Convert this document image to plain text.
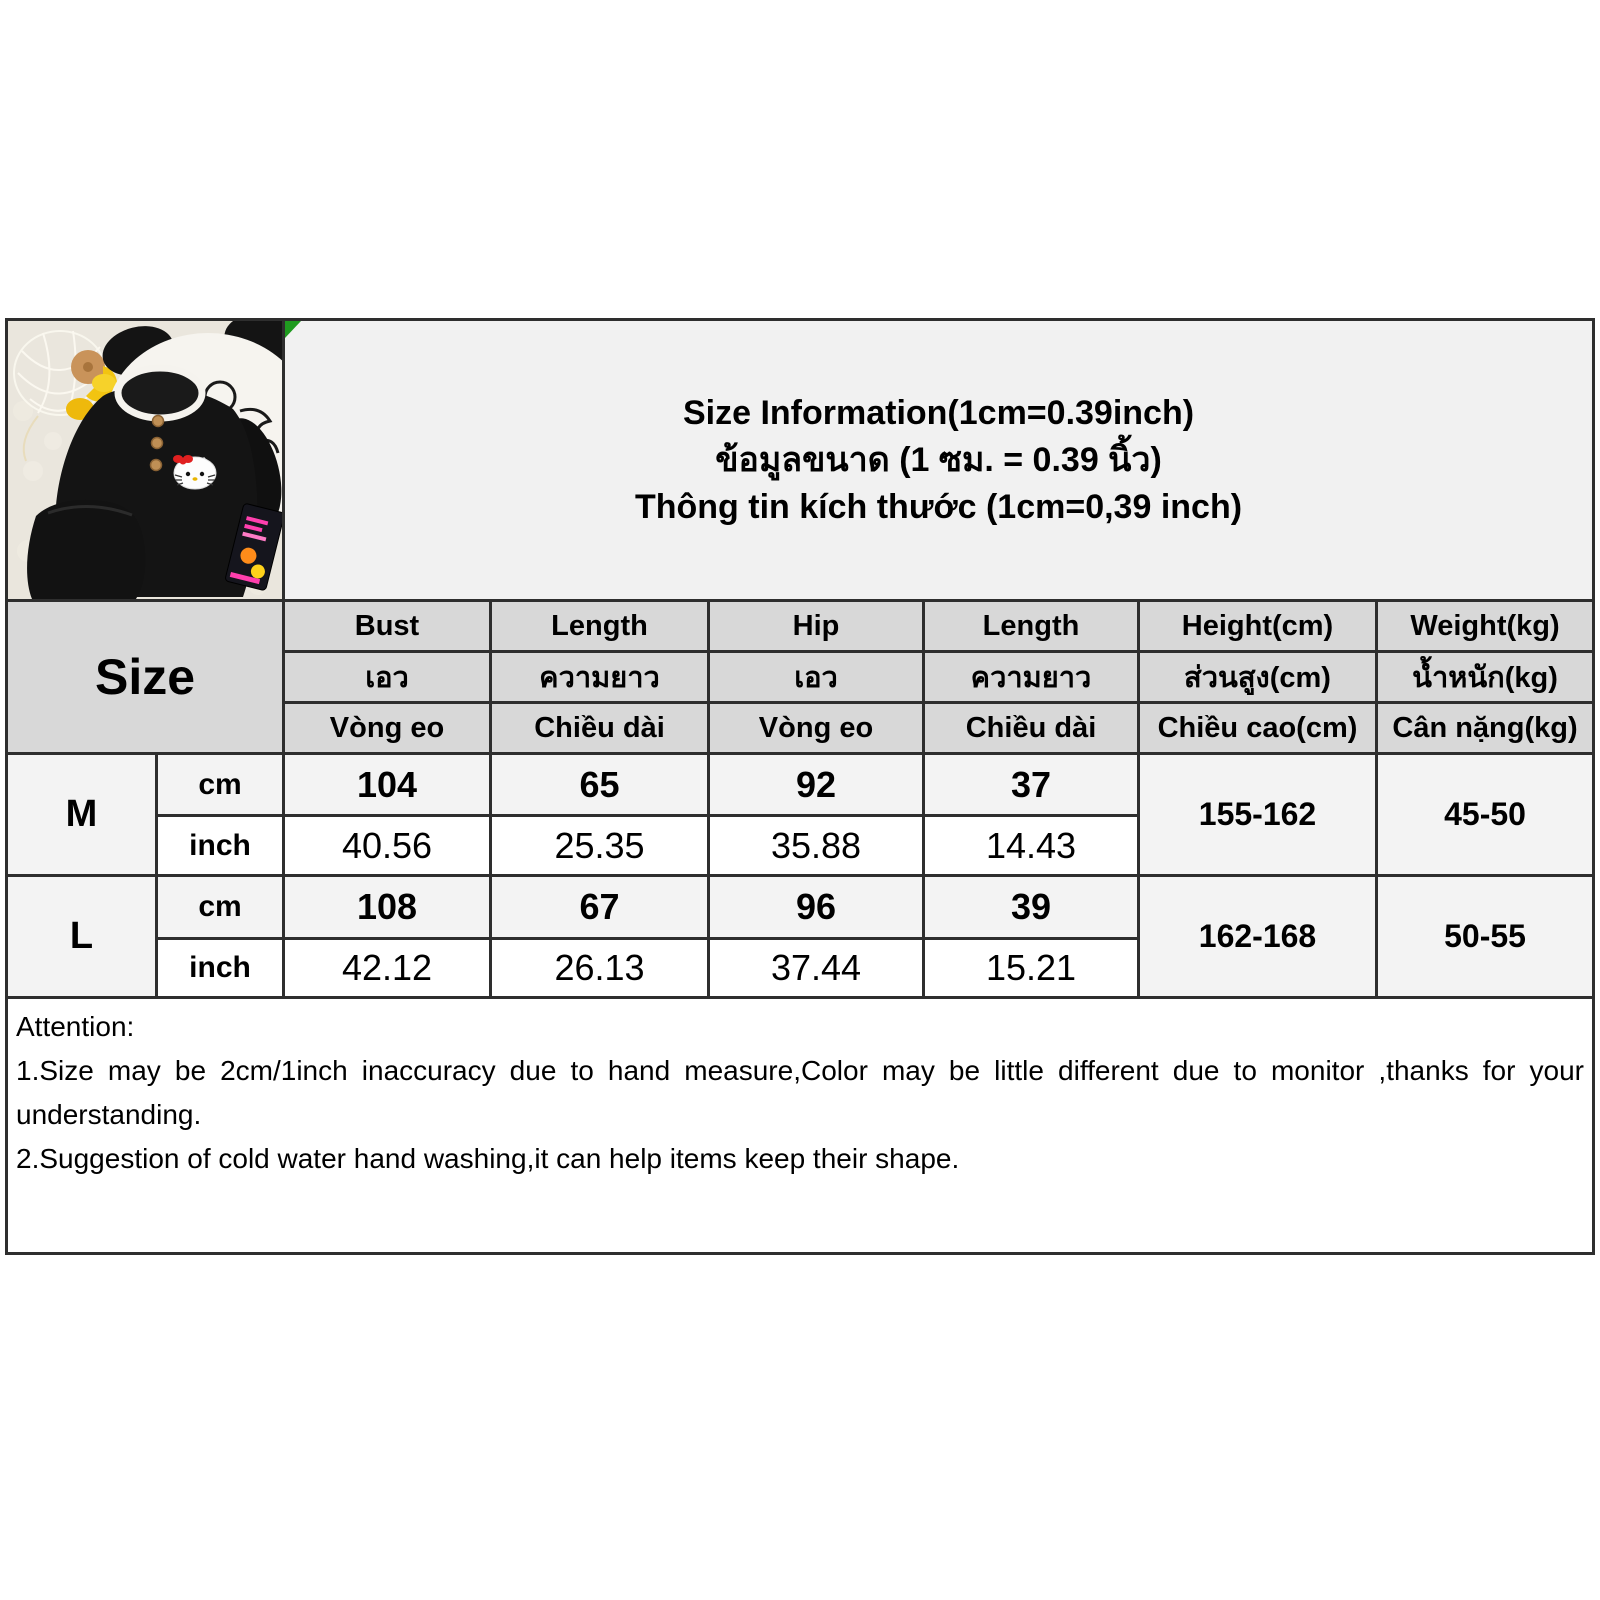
Size Information(1cm=0.39inch)
ข้อมูลขนาด (1 ซม. = 0.39 นิ้ว)
Thông tin kích thước (1cm=0,39 inch)					

Size		Bust	Length	Hip	Length	Height(cm)	Weight(kg)
		เอว	ความยาว	เอว	ความยาว	ส่วนสูง(cm)	น้ำหนัก(kg)
		Vòng eo	Chiều dài	Vòng eo	Chiều dài	Chiều cao(cm)	Cân nặng(kg)
M	cm	104	65	92	37	155-162	45-50
	inch	40.56	25.35	35.88	14.43		
L	cm	108	67	96	39	162-168	50-55
	inch	42.12	26.13	37.44	15.21		
Attention:
1.Size may be 2cm/1inch inaccuracy due to hand measure,Color may be little different due to monitor ,thanks for your understanding.
2.Suggestion of cold water hand washing,it can help items keep their shape.
